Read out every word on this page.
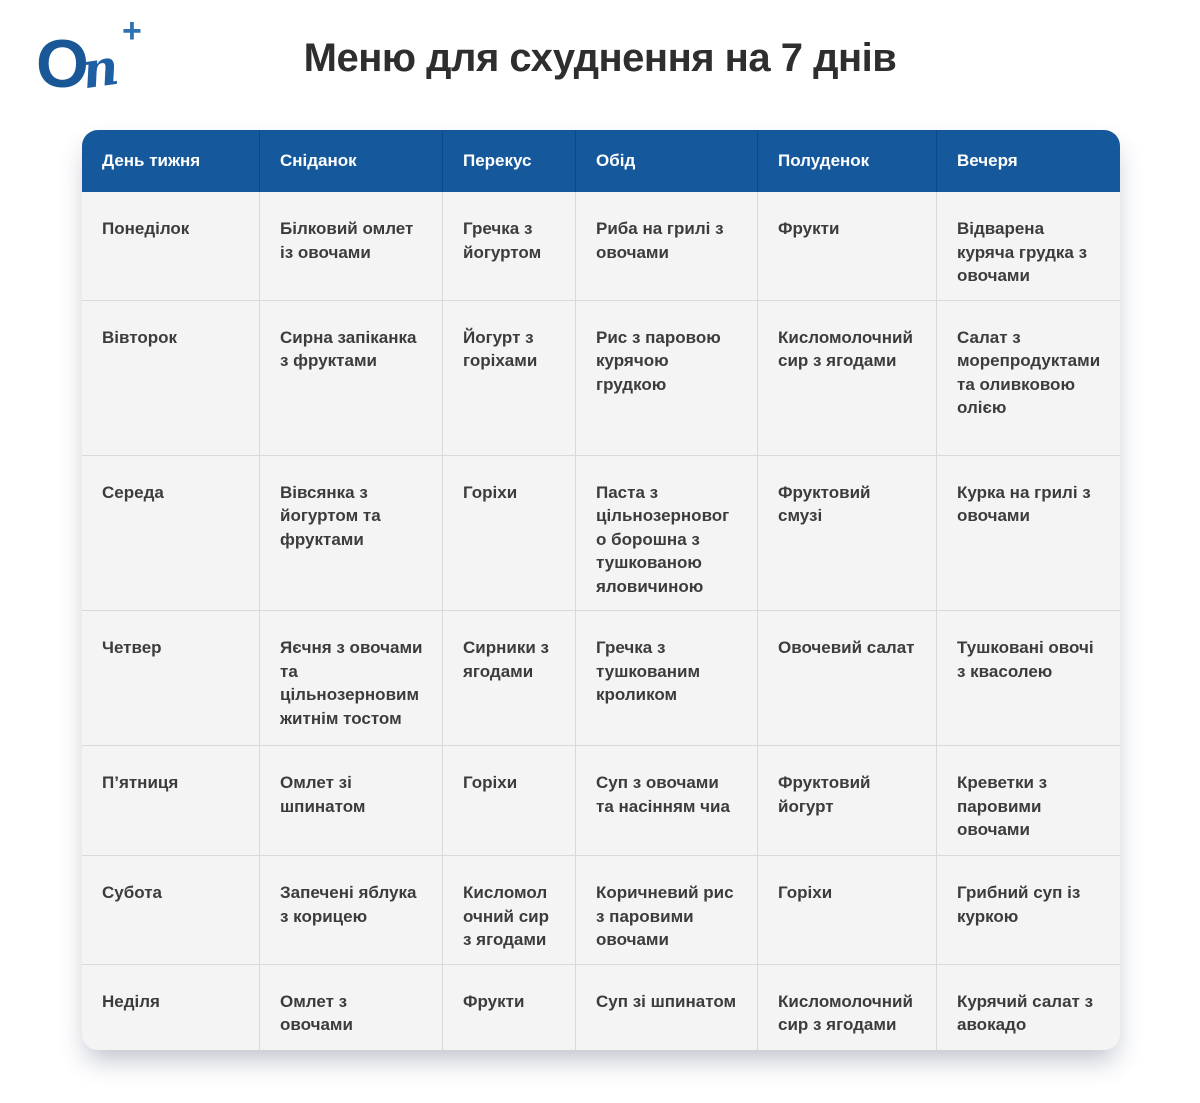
O +
n	Меню для схуднення на 7 днів
День тижня	Сніданок	Перекус	Обід	Полуденок	Вечеря
Понеділок	Білковий омлет із овочами	Гречка з йогуртом	Риба на грилі з овочами	Фрукти	Відварена куряча грудка з овочами
Вівторок	Сирна запіканка з фруктами	Йогурт з горіхами	Рис з паровою курячою грудкою	Кисломолочний сир з ягодами	Салат з морепродуктами та оливковою олією
Середа	Вівсянка з йогуртом та фруктами	Горіхи	Паста з цільнозернового борошна з тушкованою яловичиною	Фруктовий смузі	Курка на грилі з овочами
Четвер	Яєчня з овочами та цільнозерновим житнім тостом	Сирники з ягодами	Гречка з тушкованим кроликом	Овочевий салат	Тушковані овочі з квасолею
П’ятниця	Омлет зі шпинатом	Горіхи	Суп з овочами та насінням чиа	Фруктовий йогурт	Креветки з паровими овочами
Субота	Запечені яблука з корицею	Кисломолочний сир з ягодами	Коричневий рис з паровими овочами	Горіхи	Грибний суп із куркою
Неділя	Омлет з овочами	Фрукти	Суп зі шпинатом	Кисломолочний сир з ягодами	Курячий салат з авокадо
